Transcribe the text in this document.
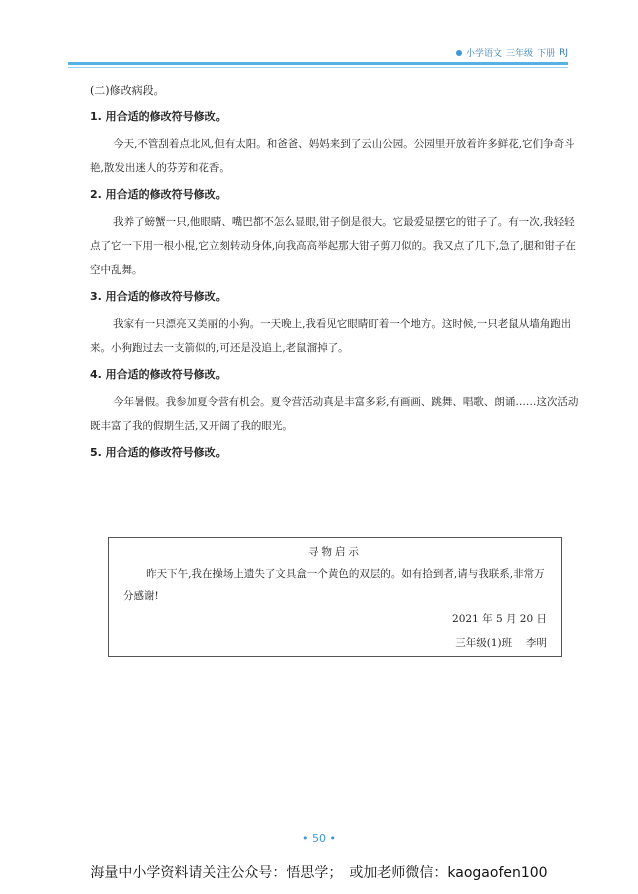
小学语文 三年级 下册 RJ
(二)修改病段。
1. 用合适的修改符号修改。

今天,不管刮着点北风,但有太阳。和爸爸、妈妈来到了云山公园。公园里开放着许多鲜花,它们争奇斗艳,散发出迷人的芬芳和花香。

2. 用合适的修改符号修改。

我养了螃蟹一只,他眼睛、嘴巴都不怎么显眼,钳子倒是很大。它最爱显摆它的钳子了。有一次,我轻轻点了它一下用一根小棍,它立刻转动身体,向我高高举起那大钳子剪刀似的。我又点了几下,急了,腿和钳子在空中乱舞。

3. 用合适的修改符号修改。

我家有一只漂亮又美丽的小狗。一天晚上,我看见它眼睛盯着一个地方。这时候,一只老鼠从墙角跑出来。小狗跑过去一支箭似的,可还是没追上,老鼠溜掉了。

4. 用合适的修改符号修改。

今年暑假。我参加夏令营有机会。夏令营活动真是丰富多彩,有画画、跳舞、唱歌、朗诵……这次活动既丰富了我的假期生活,又开阔了我的眼光。

5. 用合适的修改符号修改。
寻物启示
昨天下午,我在操场上遗失了文具盒一个黄色的双层的。如有拾到者,请与我联系,非常万分感谢!
2021 年 5 月 20 日
三年级(1)班　 李明
• 50 •
海量中小学资料请关注公众号：悟思学；　或加老师微信：kaogaofen100
